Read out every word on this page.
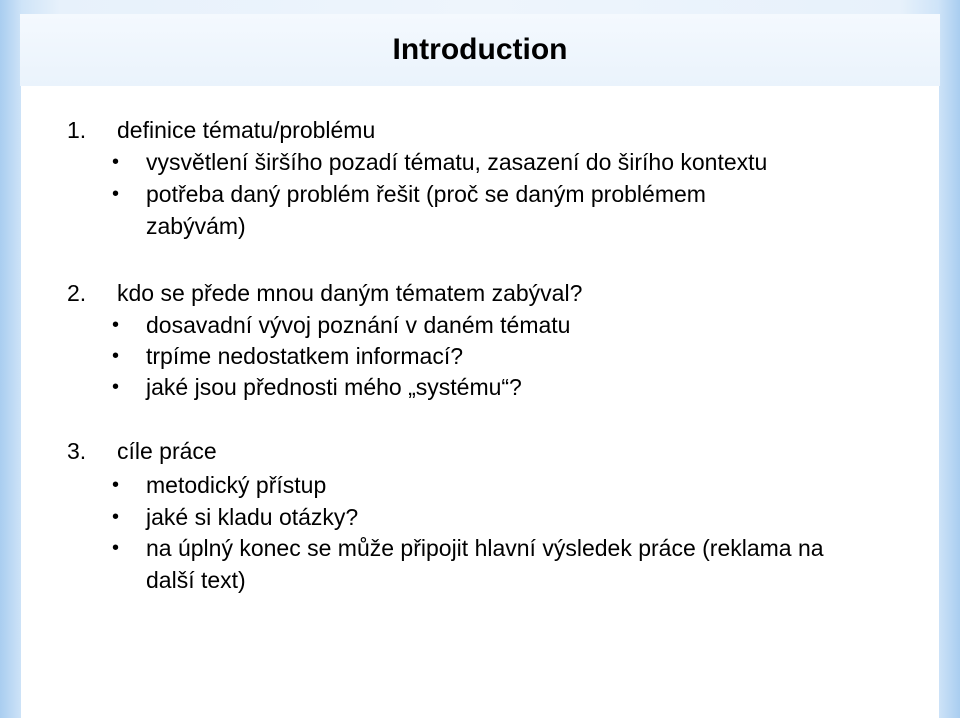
Introduction
1. definice tématu/problému
• vysvětlení širšího pozadí tématu, zasazení do širího kontextu
• potřeba daný problém řešit (proč se daným problémem
zabývám)
2. kdo se přede mnou daným tématem zabýval?
• dosavadní vývoj poznání v daném tématu
• trpíme nedostatkem informací?
• jaké jsou přednosti mého „systému“?
3. cíle práce
• metodický přístup
• jaké si kladu otázky?
• na úplný konec se může připojit hlavní výsledek práce (reklama na
další text)
